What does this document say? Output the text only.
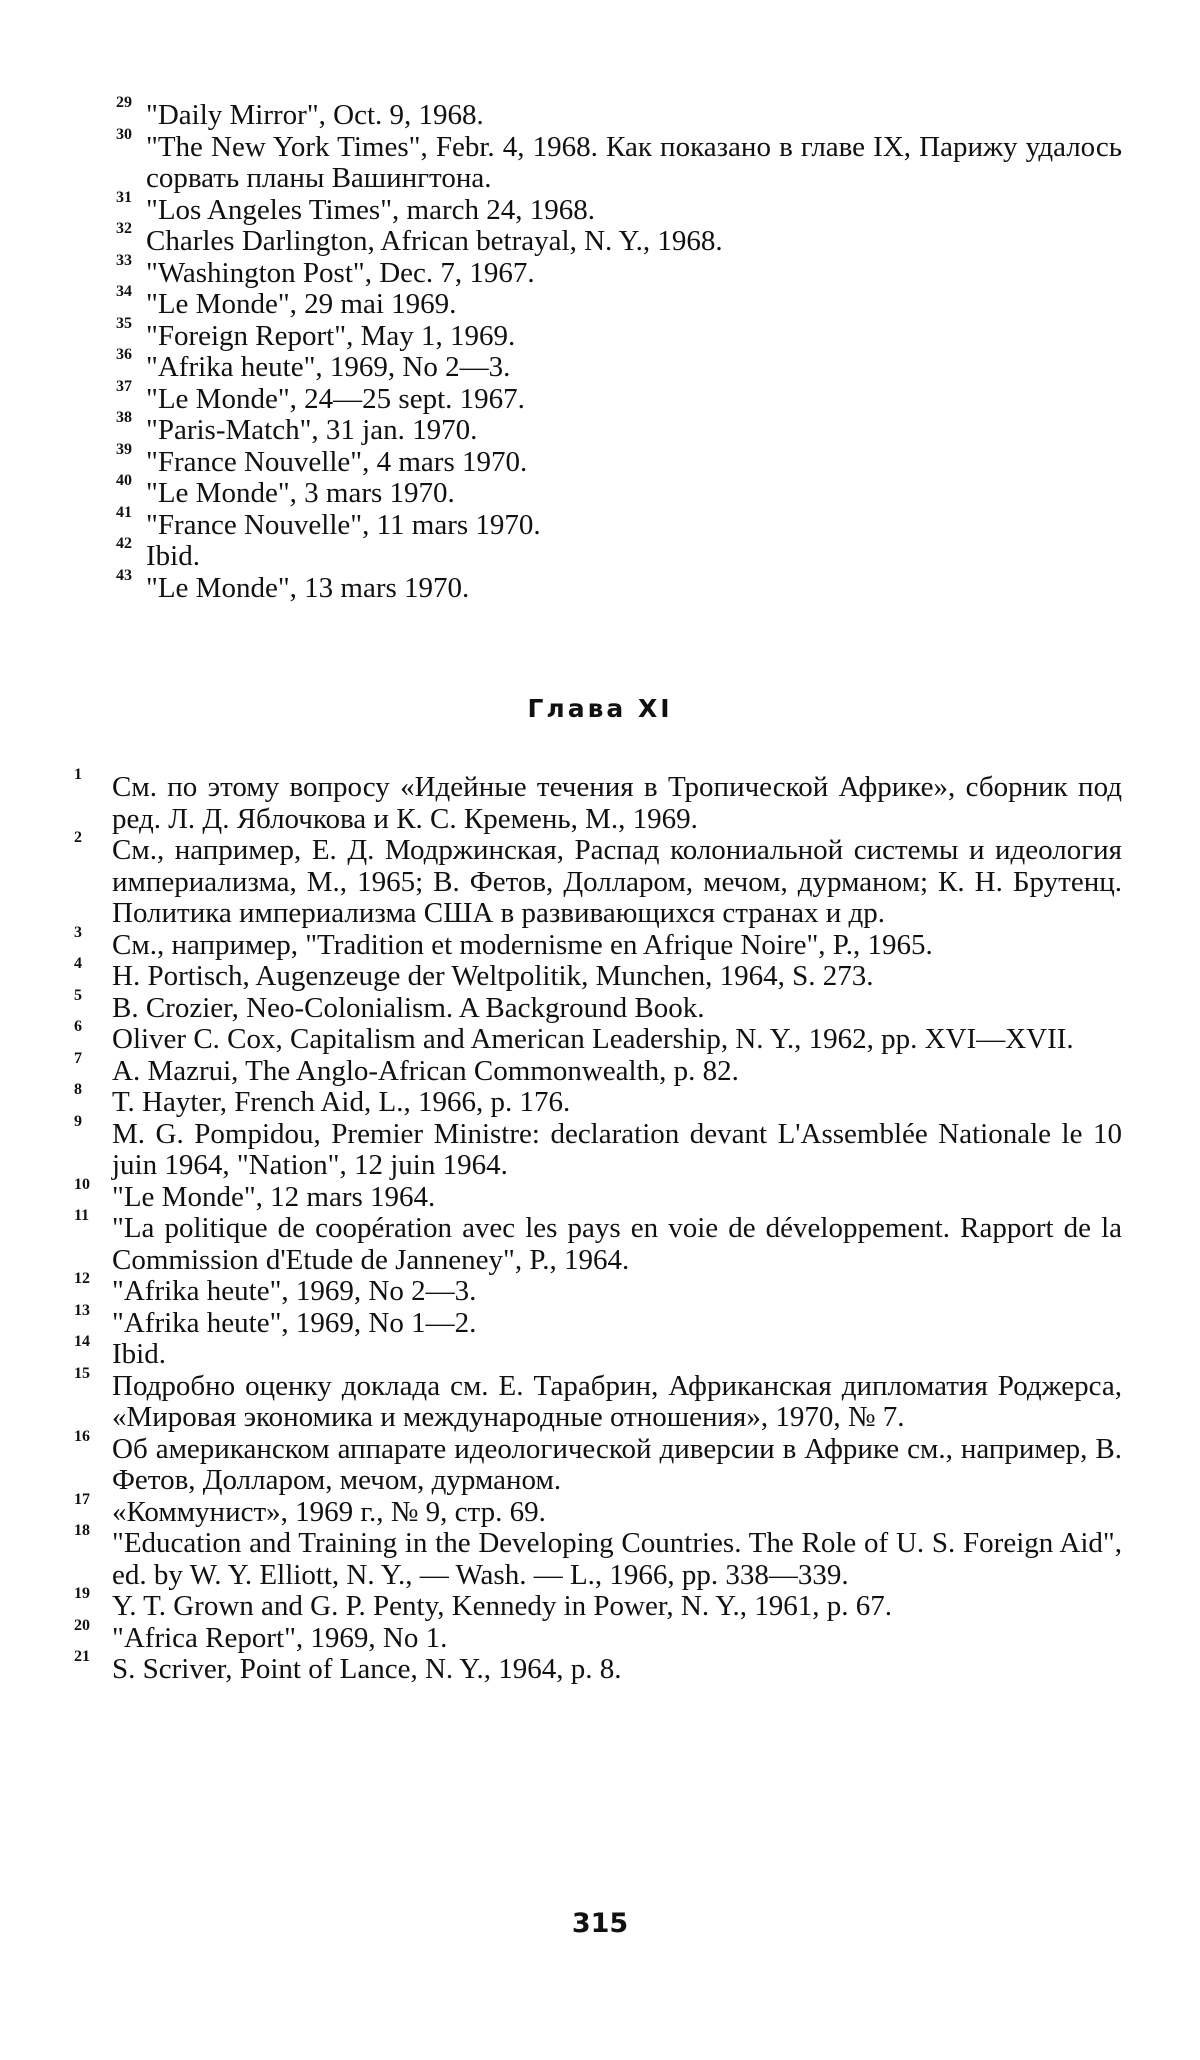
29 "Daily Mirror", Oct. 9, 1968.
30 "The New York Times", Febr. 4, 1968. Как показано в главе IX, Парижу удалось сорвать планы Вашингтона.
31 "Los Angeles Times", march 24, 1968.
32 Charles Darlington, African betrayal, N. Y., 1968.
33 "Washington Post", Dec. 7, 1967.
34 "Le Monde", 29 mai 1969.
35 "Foreign Report", May 1, 1969.
36 "Afrika heute", 1969, No 2—3.
37 "Le Monde", 24—25 sept. 1967.
38 "Paris-Match", 31 jan. 1970.
39 "France Nouvelle", 4 mars 1970.
40 "Le Monde", 3 mars 1970.
41 "France Nouvelle", 11 mars 1970.
42 Ibid.
43 "Le Monde", 13 mars 1970.
Глава XI
1 См. по этому вопросу «Идейные течения в Тропической Африке», сборник под ред. Л. Д. Яблочкова и К. С. Кремень, М., 1969.
2 См., например, Е. Д. Модржинская, Распад колониальной системы и идеология империализма, М., 1965; В. Фетов, Долларом, мечом, дурманом; К. Н. Брутенц. Политика империализма США в развивающихся странах и др.
3 См., например, "Tradition et modernisme en Afrique Noire", P., 1965.
4 H. Portisch, Augenzeuge der Weltpolitik, Munchen, 1964, S. 273.
5 B. Crozier, Neo-Colonialism. A Background Book.
6 Oliver C. Cox, Capitalism and American Leadership, N. Y., 1962, pp. XVI—XVII.
7 A. Mazrui, The Anglo-African Commonwealth, p. 82.
8 T. Hayter, French Aid, L., 1966, p. 176.
9 M. G. Pompidou, Premier Ministre: declaration devant L'Assemblée Nationale le 10 juin 1964, "Nation", 12 juin 1964.
10 "Le Monde", 12 mars 1964.
11 "La politique de coopération avec les pays en voie de développement. Rapport de la Commission d'Etude de Janneney", P., 1964.
12 "Afrika heute", 1969, No 2—3.
13 "Afrika heute", 1969, No 1—2.
14 Ibid.
15 Подробно оценку доклада см. Е. Тарабрин, Африканская дипломатия Роджерса, «Мировая экономика и международные отношения», 1970, № 7.
16 Об американском аппарате идеологической диверсии в Африке см., например, В. Фетов, Долларом, мечом, дурманом.
17 «Коммунист», 1969 г., № 9, стр. 69.
18 "Education and Training in the Developing Countries. The Role of U. S. Foreign Aid", ed. by W. Y. Elliott, N. Y., — Wash. — L., 1966, pp. 338—339.
19 Y. T. Grown and G. P. Penty, Kennedy in Power, N. Y., 1961, p. 67.
20 "Africa Report", 1969, No 1.
21 S. Scriver, Point of Lance, N. Y., 1964, p. 8.
315
